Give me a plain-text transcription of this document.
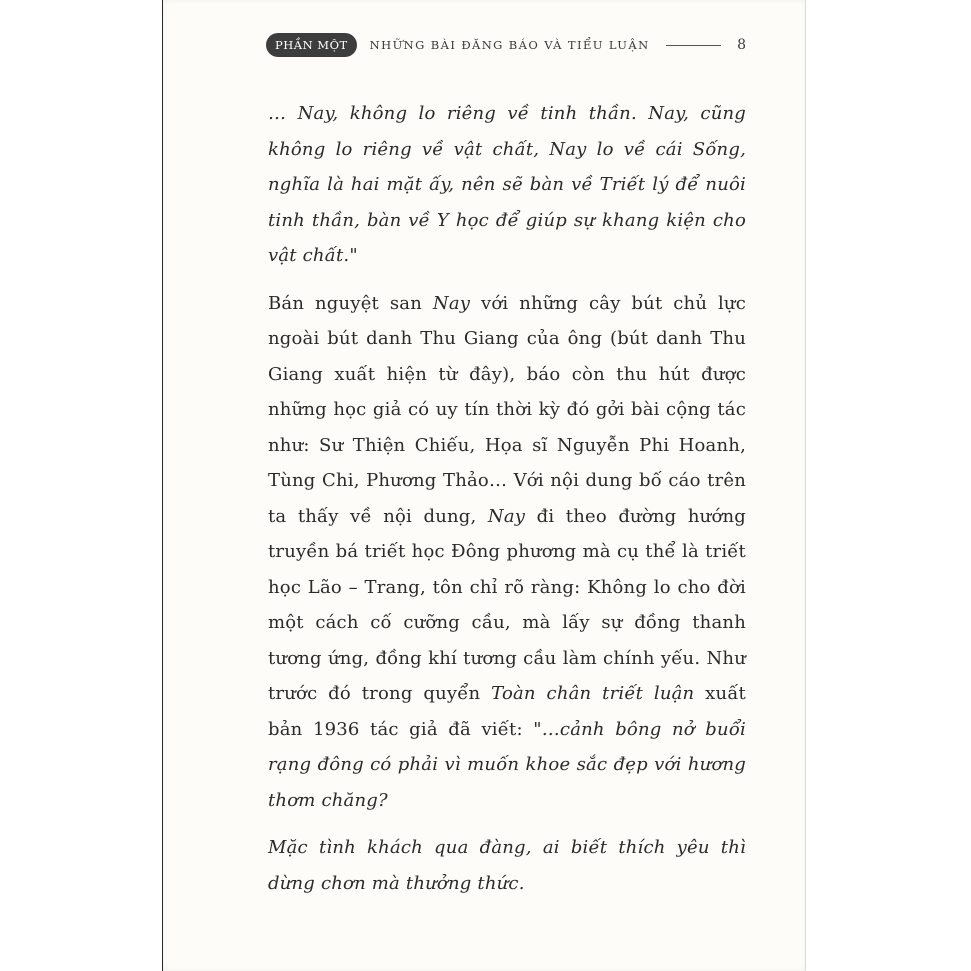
PHẦN MỘT	NHỮNG BÀI ĐĂNG BÁO VÀ TIỂU LUẬN	8

… Nay, không lo riêng về tinh thần. Nay, cũng không lo riêng về vật chất, Nay lo về cái Sống, nghĩa là hai mặt ấy, nên sẽ bàn về Triết lý để nuôi tinh thần, bàn về Y học để giúp sự khang kiện cho vật chất."

Bán nguyệt san Nay với những cây bút chủ lực ngoài bút danh Thu Giang của ông (bút danh Thu Giang xuất hiện từ đây), báo còn thu hút được những học giả có uy tín thời kỳ đó gởi bài cộng tác như: Sư Thiện Chiếu, Họa sĩ Nguyễn Phi Hoanh, Tùng Chi, Phương Thảo… Với nội dung bố cáo trên ta thấy về nội dung, Nay đi theo đường hướng truyền bá triết học Đông phương mà cụ thể là triết học Lão – Trang, tôn chỉ rõ ràng: Không lo cho đời một cách cố cưỡng cầu, mà lấy sự đồng thanh tương ứng, đồng khí tương cầu làm chính yếu. Như trước đó trong quyển Toàn chân triết luận xuất bản 1936 tác giả đã viết: "…cảnh bông nở buổi rạng đông có phải vì muốn khoe sắc đẹp với hương thơm chăng?

Mặc tình khách qua đàng, ai biết thích yêu thì dừng chơn mà thưởng thức.
